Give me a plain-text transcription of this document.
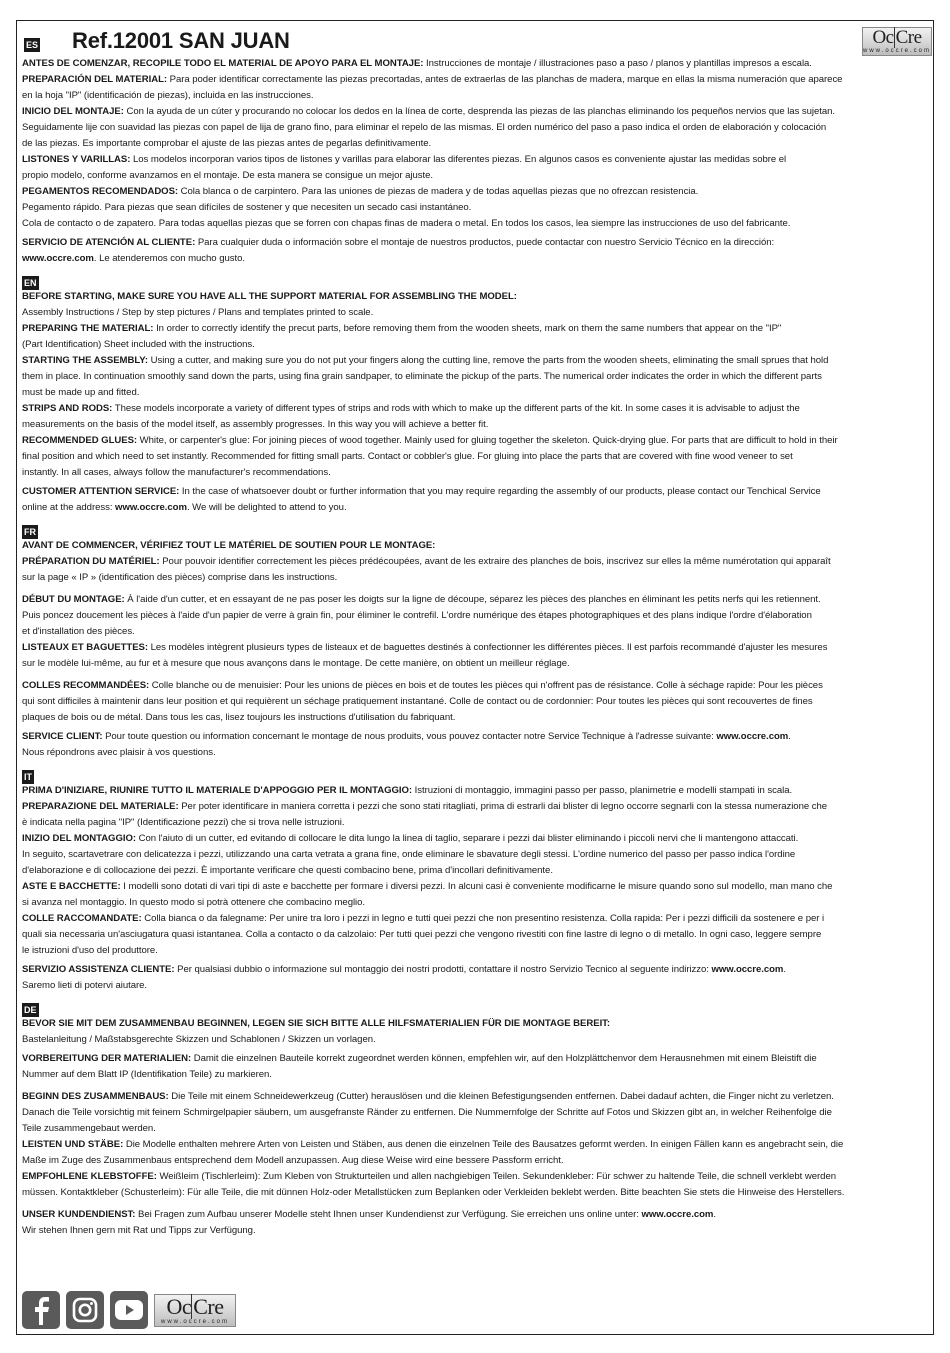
ES Ref.12001 SAN JUAN	Oc Cre
www.occre.com

ANTES DE COMENZAR, RECOPILE TODO EL MATERIAL DE APOYO PARA EL MONTAJE: Instrucciones de montaje / illustraciones paso a paso / planos y plantillas impresos a escala.

PREPARACIÓN DEL MATERIAL: Para poder identificar correctamente las piezas precortadas, antes de extraerlas de las planchas de madera, marque en ellas la misma numeración que aparece

en la hoja "IP" (identificación de piezas), incluida en las instrucciones.

INICIO DEL MONTAJE: Con la ayuda de un cúter y procurando no colocar los dedos en la línea de corte, desprenda las piezas de las planchas eliminando los pequeños nervios que las sujetan.

Seguidamente lije con suavidad las piezas con papel de lija de grano fino, para eliminar el repelo de las mismas. El orden numérico del paso a paso indica el orden de elaboración y colocación

de las piezas. Es importante comprobar el ajuste de las piezas antes de pegarlas definitivamente.

LISTONES Y VARILLAS: Los modelos incorporan varios tipos de listones y varillas para elaborar las diferentes piezas. En algunos casos es conveniente ajustar las medidas sobre el

propio modelo, conforme avanzamos en el montaje. De esta manera se consigue un mejor ajuste.

PEGAMENTOS RECOMENDADOS: Cola blanca o de carpintero. Para las uniones de piezas de madera y de todas aquellas piezas que no ofrezcan resistencia.

Pegamento rápido. Para piezas que sean difíciles de sostener y que necesiten un secado casi instantáneo.

Cola de contacto o de zapatero. Para todas aquellas piezas que se forren con chapas finas de madera o metal. En todos los casos, lea siempre las instrucciones de uso del fabricante.

SERVICIO DE ATENCIÓN AL CLIENTE: Para cualquier duda o información sobre el montaje de nuestros productos, puede contactar con nuestro Servicio Técnico en la dirección:

www.occre.com. Le atenderemos con mucho gusto.

EN

BEFORE STARTING, MAKE SURE YOU HAVE ALL THE SUPPORT MATERIAL FOR ASSEMBLING THE MODEL:

Assembly Instructions / Step by step pictures / Plans and templates printed to scale.

PREPARING THE MATERIAL: In order to correctly identify the precut parts, before removing them from the wooden sheets, mark on them the same numbers that appear on the "IP"

(Part Identification) Sheet included with the instructions.

STARTING THE ASSEMBLY: Using a cutter, and making sure you do not put your fingers along the cutting line, remove the parts from the wooden sheets, eliminating the small sprues that hold

them in place. In continuation smoothly sand down the parts, using fina grain sandpaper, to eliminate the pickup of the parts. The numerical order indicates the order in which the different parts

must be made up and fitted.

STRIPS AND RODS: These models incorporate a variety of different types of strips and rods with which to make up the different parts of the kit. In some cases it is advisable to adjust the

measurements on the basis of the model itself, as assembly progresses. In this way you will achieve a better fit.

RECOMMENDED GLUES: White, or carpenter's glue: For joining pieces of wood together. Mainly used for gluing together the skeleton. Quick-drying glue. For parts that are difficult to hold in their

final position and which need to set instantly. Recommended for fitting small parts. Contact or cobbler's glue. For gluing into place the parts that are covered with fine wood veneer to set

instantly. In all cases, always follow the manufacturer's recommendations.

CUSTOMER ATTENTION SERVICE: In the case of whatsoever doubt or further information that you may require regarding the assembly of our products, please contact our Tenchical Service

online at the address: www.occre.com. We will be delighted to attend to you.

FR

AVANT DE COMMENCER, VÉRIFIEZ TOUT LE MATÉRIEL DE SOUTIEN POUR LE MONTAGE:

PRÉPARATION DU MATÉRIEL: Pour pouvoir identifier correctement les pièces prédécoupées, avant de les extraire des planches de bois, inscrivez sur elles la même numérotation qui apparaît

sur la page « IP » (identification des pièces) comprise dans les instructions.

DÉBUT DU MONTAGE: À l'aide d'un cutter, et en essayant de ne pas poser les doigts sur la ligne de découpe, séparez les pièces des planches en éliminant les petits nerfs qui les retiennent.

Puis poncez doucement les pièces à l'aide d'un papier de verre à grain fin, pour éliminer le contrefil. L'ordre numérique des étapes photographiques et des plans indique l'ordre d'élaboration

et d'installation des pièces.

LISTEAUX ET BAGUETTES: Les modèles intègrent plusieurs types de listeaux et de baguettes destinés à confectionner les différentes pièces. Il est parfois recommandé d'ajuster les mesures

sur le modèle lui-même, au fur et à mesure que nous avançons dans le montage. De cette manière, on obtient un meilleur réglage.

COLLES RECOMMANDÉES: Colle blanche ou de menuisier: Pour les unions de pièces en bois et de toutes les pièces qui n'offrent pas de résistance. Colle à séchage rapide: Pour les pièces

qui sont difficiles à maintenir dans leur position et qui requièrent un séchage pratiquement instantané. Colle de contact ou de cordonnier: Pour toutes les pièces qui sont recouvertes de fines

plaques de bois ou de métal. Dans tous les cas, lisez toujours les instructions d'utilisation du fabriquant.

SERVICE CLIENT: Pour toute question ou information concernant le montage de nous produits, vous pouvez contacter notre Service Technique à l'adresse suivante: www.occre.com.

Nous répondrons avec plaisir à vos questions.

IT

PRIMA D'INIZIARE, RIUNIRE TUTTO IL MATERIALE D'APPOGGIO PER IL MONTAGGIO: Istruzioni di montaggio, immagini passo per passo, planimetrie e modelli stampati in scala.

PREPARAZIONE DEL MATERIALE: Per poter identificare in maniera corretta i pezzi che sono stati ritagliati, prima di estrarli dai blister di legno occorre segnarli con la stessa numerazione che

è indicata nella pagina "IP" (Identificazione pezzi) che si trova nelle istruzioni.

INIZIO DEL MONTAGGIO: Con l'aiuto di un cutter, ed evitando di collocare le dita lungo la linea di taglio, separare i pezzi dai blister eliminando i piccoli nervi che li mantengono attaccati.

In seguito, scartavetrare con delicatezza i pezzi, utilizzando una carta vetrata a grana fine, onde eliminare le sbavature degli stessi. L'ordine numerico del passo per passo indica l'ordine

d'elaborazione e di collocazione dei pezzi. È importante verificare che questi combacino bene, prima d'incollari definitivamente.

ASTE E BACCHETTE: I modelli sono dotati di vari tipi di aste e bacchette per formare i diversi pezzi. In alcuni casi è conveniente modificarne le misure quando sono sul modello, man mano che

si avanza nel montaggio. In questo modo si potrà ottenere che combacino meglio.

COLLE RACCOMANDATE: Colla bianca o da falegname: Per unire tra loro i pezzi in legno e tutti quei pezzi che non presentino resistenza. Colla rapida: Per i pezzi difficili da sostenere e per i

quali sia necessaria un'asciugatura quasi istantanea. Colla a contacto o da calzolaio: Per tutti quei pezzi che vengono rivestiti con fine lastre di legno o di metallo. In ogni caso, leggere sempre

le istruzioni d'uso del produttore.

SERVIZIO ASSISTENZA CLIENTE: Per qualsiasi dubbio o informazione sul montaggio dei nostri prodotti, contattare il nostro Servizio Tecnico al seguente indirizzo: www.occre.com.

Saremo lieti di potervi aiutare.

DE

BEVOR SIE MIT DEM ZUSAMMENBAU BEGINNEN, LEGEN SIE SICH BITTE ALLE HILFSMATERIALIEN FÜR DIE MONTAGE BEREIT:

Bastelanleitung / Maßstabsgerechte Skizzen und Schablonen / Skizzen un vorlagen.

VORBEREITUNG DER MATERIALIEN: Damit die einzelnen Bauteile korrekt zugeordnet werden können, empfehlen wir, auf den Holzplättchenvor dem Herausnehmen mit einem Bleistift die

Nummer auf dem Blatt IP (Identifikation Teile) zu markieren.

BEGINN DES ZUSAMMENBAUS: Die Teile mit einem Schneidewerkzeug (Cutter) herauslösen und die kleinen Befestigungsenden entfernen. Dabei dadauf achten, die Finger nicht zu verletzen.

Danach die Teile vorsichtig mit feinem Schmirgelpapier säubern, um ausgefranste Ränder zu entfernen. Die Nummernfolge der Schritte auf Fotos und Skizzen gibt an, in welcher Reihenfolge die

Teile zusammengebaut werden.

LEISTEN UND STÄBE: Die Modelle enthalten mehrere Arten von Leisten und Stäben, aus denen die einzelnen Teile des Bausatzes geformt werden. In einigen Fällen kann es angebracht sein, die

Maße im Zuge des Zusammenbaus entsprechend dem Modell anzupassen. Aug diese Weise wird eine bessere Passform erricht.

EMPFOHLENE KLEBSTOFFE: Weißleim (Tischlerleim): Zum Kleben von Strukturteilen und allen nachgiebigen Teilen. Sekundenkleber: Für schwer zu haltende Teile, die schnell verklebt werden

müssen. Kontaktkleber (Schusterleim): Für alle Teile, die mit dünnen Holz-oder Metallstücken zum Beplanken oder Verkleiden beklebt werden. Bitte beachten Sie stets die Hinweise des Herstellers.

UNSER KUNDENDIENST: Bei Fragen zum Aufbau unserer Modelle steht Ihnen unser Kundendienst zur Verfügung. Sie erreichen uns online unter: www.occre.com.

Wir stehen Ihnen gern mit Rat und Tipps zur Verfügung.

OcCre
www.occre.com
